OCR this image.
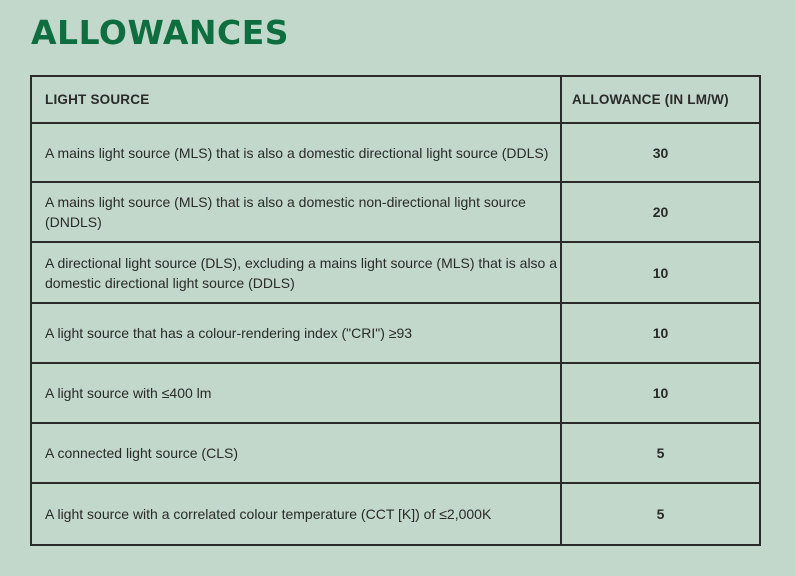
ALLOWANCES
LIGHT SOURCE	ALLOWANCE (IN LM/W)
A mains light source (MLS) that is also a domestic directional light source (DDLS)	30
A mains light source (MLS) that is also a domestic non-directional light source (DNDLS)	20
A directional light source (DLS), excluding a mains light source (MLS) that is also a domestic directional light source (DDLS)	10
A light source that has a colour-rendering index ("CRI") ≥93	10
A light source with ≤400 lm	10
A connected light source (CLS)	5
A light source with a correlated colour temperature (CCT [K]) of ≤2,000K	5
